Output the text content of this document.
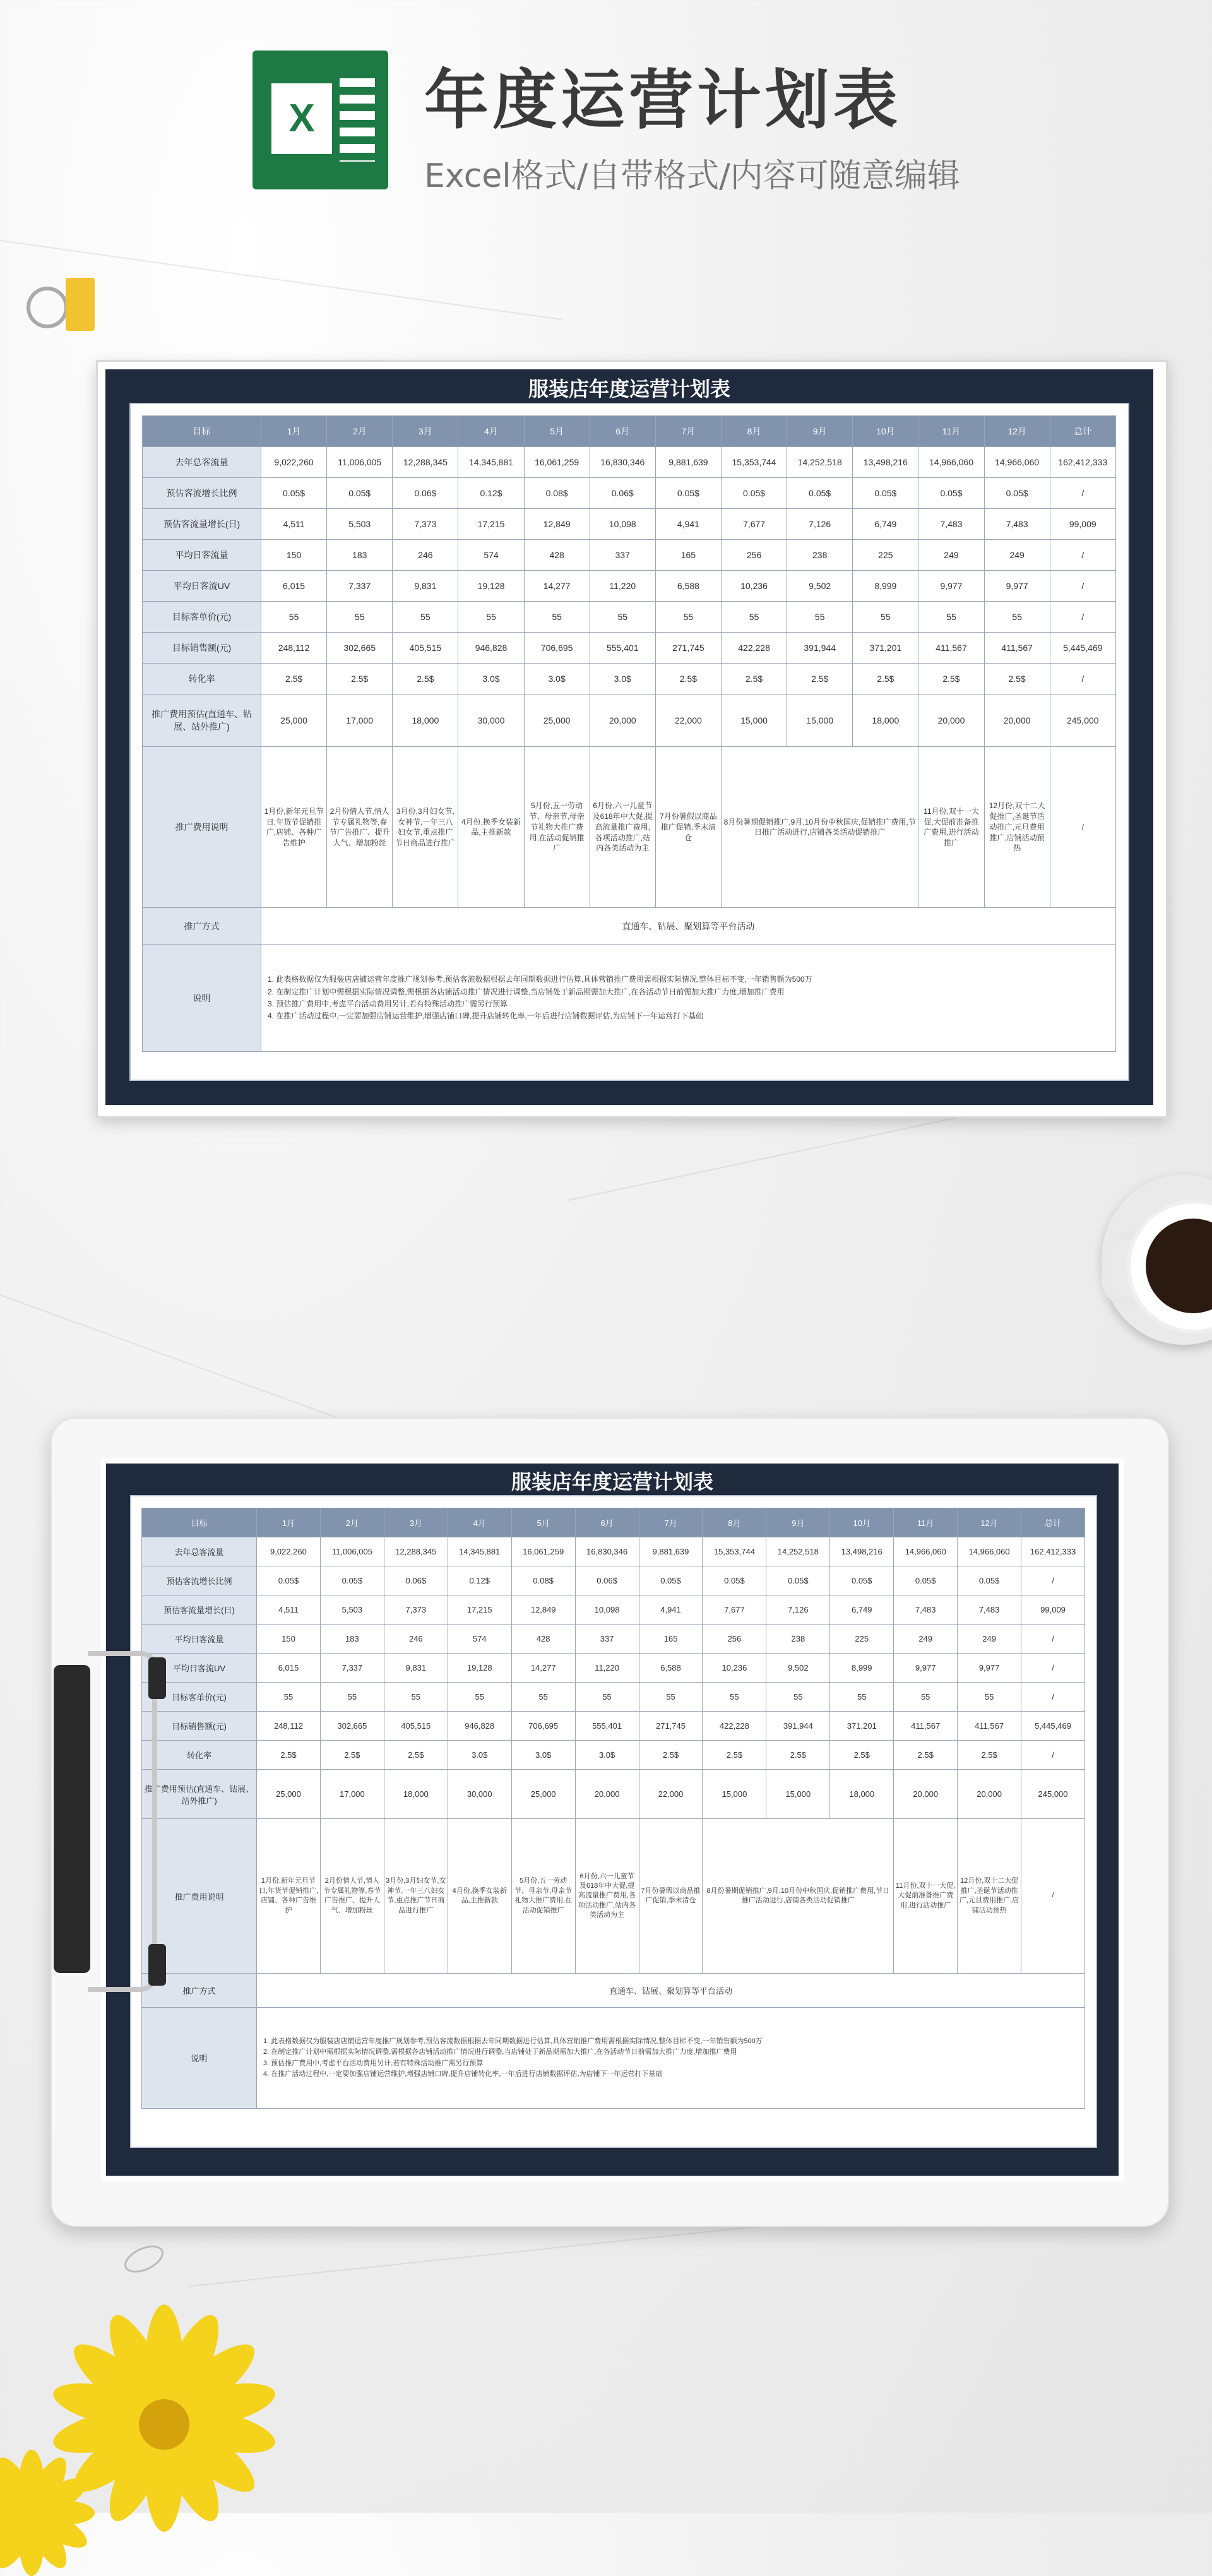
X 年度运营计划表
Excel格式/自带格式/内容可随意编辑
服装店年度运营计划表
目标	1月	2月	3月	4月	5月	6月	7月	8月	9月	10月	11月	12月	总计
去年总客流量	9,022,260	11,006,005	12,288,345	14,345,881	16,061,259	16,830,346	9,881,639	15,353,744	14,252,518	13,498,216	14,966,060	14,966,060	162,412,333
预估客流增长比例	0.05$	0.05$	0.06$	0.12$	0.08$	0.06$	0.05$	0.05$	0.05$	0.05$	0.05$	0.05$	/
预估客流量增长(日)	4,511	5,503	7,373	17,215	12,849	10,098	4,941	7,677	7,126	6,749	7,483	7,483	99,009
平均日客流量	150	183	246	574	428	337	165	256	238	225	249	249	/
平均日客流UV	6,015	7,337	9,831	19,128	14,277	11,220	6,588	10,236	9,502	8,999	9,977	9,977	/
目标客单价(元)	55	55	55	55	55	55	55	55	55	55	55	55	/
目标销售额(元)	248,112	302,665	405,515	946,828	706,695	555,401	271,745	422,228	391,944	371,201	411,567	411,567	5,445,469
转化率	2.5$	2.5$	2.5$	3.0$	3.0$	3.0$	2.5$	2.5$	2.5$	2.5$	2.5$	2.5$	/
推广费用预估(直通车、钻展、站外推广)	25,000	17,000	18,000	30,000	25,000	20,000	22,000	15,000	15,000	18,000	20,000	20,000	245,000
推广费用说明	1月份,新年元旦节日,年货节促销推广,店铺、各种广告维护	2月份情人节,情人节专属礼物等,春节广告推广、提升人气、增加粉丝	3月份,3月妇女节,女神节,一年三八妇女节,重点推广节日商品进行推广	4月份,换季女装新品,主推新款	5月份,五一劳动节、母亲节,母亲节礼物大推广费用,在活动促销推广	6月份,六一儿童节及618年中大促,提高流量推广费用,各项活动推广,站内各类活动为主	7月份暑假以商品推广促销,季末清仓	8月份暑期促销推广,9月,10月份中秋国庆,促销推广费用,节日推广活动进行,店铺各类活动促销推广			11月份,双十一大促,大促前准备推广费用,进行活动推广	12月份,双十二大促推广,圣诞节活动推广,元旦费用推广,店铺活动预热	/
推广方式	直通车、钻展、聚划算等平台活动												
说明	1. 此表格数据仅为服装店店铺运营年度推广规划参考,预估客流数据根据去年同期数据进行估算,具体营销推广费用需根据实际情况,整体目标不变,一年销售额为500万
2. 在制定推广计划中需根据实际情况调整,需根据各店铺活动推广情况进行调整,当店铺处于新品期需加大推广,在各活动节日前需加大推广力度,增加推广费用
3. 预估推广费用中,考虑平台活动费用另计,若有特殊活动推广需另行预算
4. 在推广活动过程中,一定要加强店铺运营维护,增强店铺口碑,提升店铺转化率,一年后进行店铺数据评估,为店铺下一年运营打下基础												
服装店年度运营计划表
目标	1月	2月	3月	4月	5月	6月	7月	8月	9月	10月	11月	12月	总计
去年总客流量	9,022,260	11,006,005	12,288,345	14,345,881	16,061,259	16,830,346	9,881,639	15,353,744	14,252,518	13,498,216	14,966,060	14,966,060	162,412,333
预估客流增长比例	0.05$	0.05$	0.06$	0.12$	0.08$	0.06$	0.05$	0.05$	0.05$	0.05$	0.05$	0.05$	/
预估客流量增长(日)	4,511	5,503	7,373	17,215	12,849	10,098	4,941	7,677	7,126	6,749	7,483	7,483	99,009
平均日客流量	150	183	246	574	428	337	165	256	238	225	249	249	/
平均日客流UV	6,015	7,337	9,831	19,128	14,277	11,220	6,588	10,236	9,502	8,999	9,977	9,977	/
目标客单价(元)	55	55	55	55	55	55	55	55	55	55	55	55	/
目标销售额(元)	248,112	302,665	405,515	946,828	706,695	555,401	271,745	422,228	391,944	371,201	411,567	411,567	5,445,469
转化率	2.5$	2.5$	2.5$	3.0$	3.0$	3.0$	2.5$	2.5$	2.5$	2.5$	2.5$	2.5$	/
推广费用预估(直通车、钻展、站外推广)	25,000	17,000	18,000	30,000	25,000	20,000	22,000	15,000	15,000	18,000	20,000	20,000	245,000
推广费用说明	1月份,新年元旦节日,年货节促销推广,店铺、各种广告维护	2月份情人节,情人节专属礼物等,春节广告推广、提升人气、增加粉丝	3月份,3月妇女节,女神节,一年三八妇女节,重点推广节日商品进行推广	4月份,换季女装新品,主推新款	5月份,五一劳动节、母亲节,母亲节礼物大推广费用,在活动促销推广	6月份,六一儿童节及618年中大促,提高流量推广费用,各项活动推广,站内各类活动为主	7月份暑假以商品推广促销,季末清仓	8月份暑期促销推广,9月,10月份中秋国庆,促销推广费用,节日推广活动进行,店铺各类活动促销推广			11月份,双十一大促,大促前准备推广费用,进行活动推广	12月份,双十二大促推广,圣诞节活动推广,元旦费用推广,店铺活动预热	/
推广方式	直通车、钻展、聚划算等平台活动												
说明	1. 此表格数据仅为服装店店铺运营年度推广规划参考,预估客流数据根据去年同期数据进行估算,具体营销推广费用需根据实际情况,整体目标不变,一年销售额为500万
2. 在制定推广计划中需根据实际情况调整,需根据各店铺活动推广情况进行调整,当店铺处于新品期需加大推广,在各活动节日前需加大推广力度,增加推广费用
3. 预估推广费用中,考虑平台活动费用另计,若有特殊活动推广需另行预算
4. 在推广活动过程中,一定要加强店铺运营维护,增强店铺口碑,提升店铺转化率,一年后进行店铺数据评估,为店铺下一年运营打下基础												
